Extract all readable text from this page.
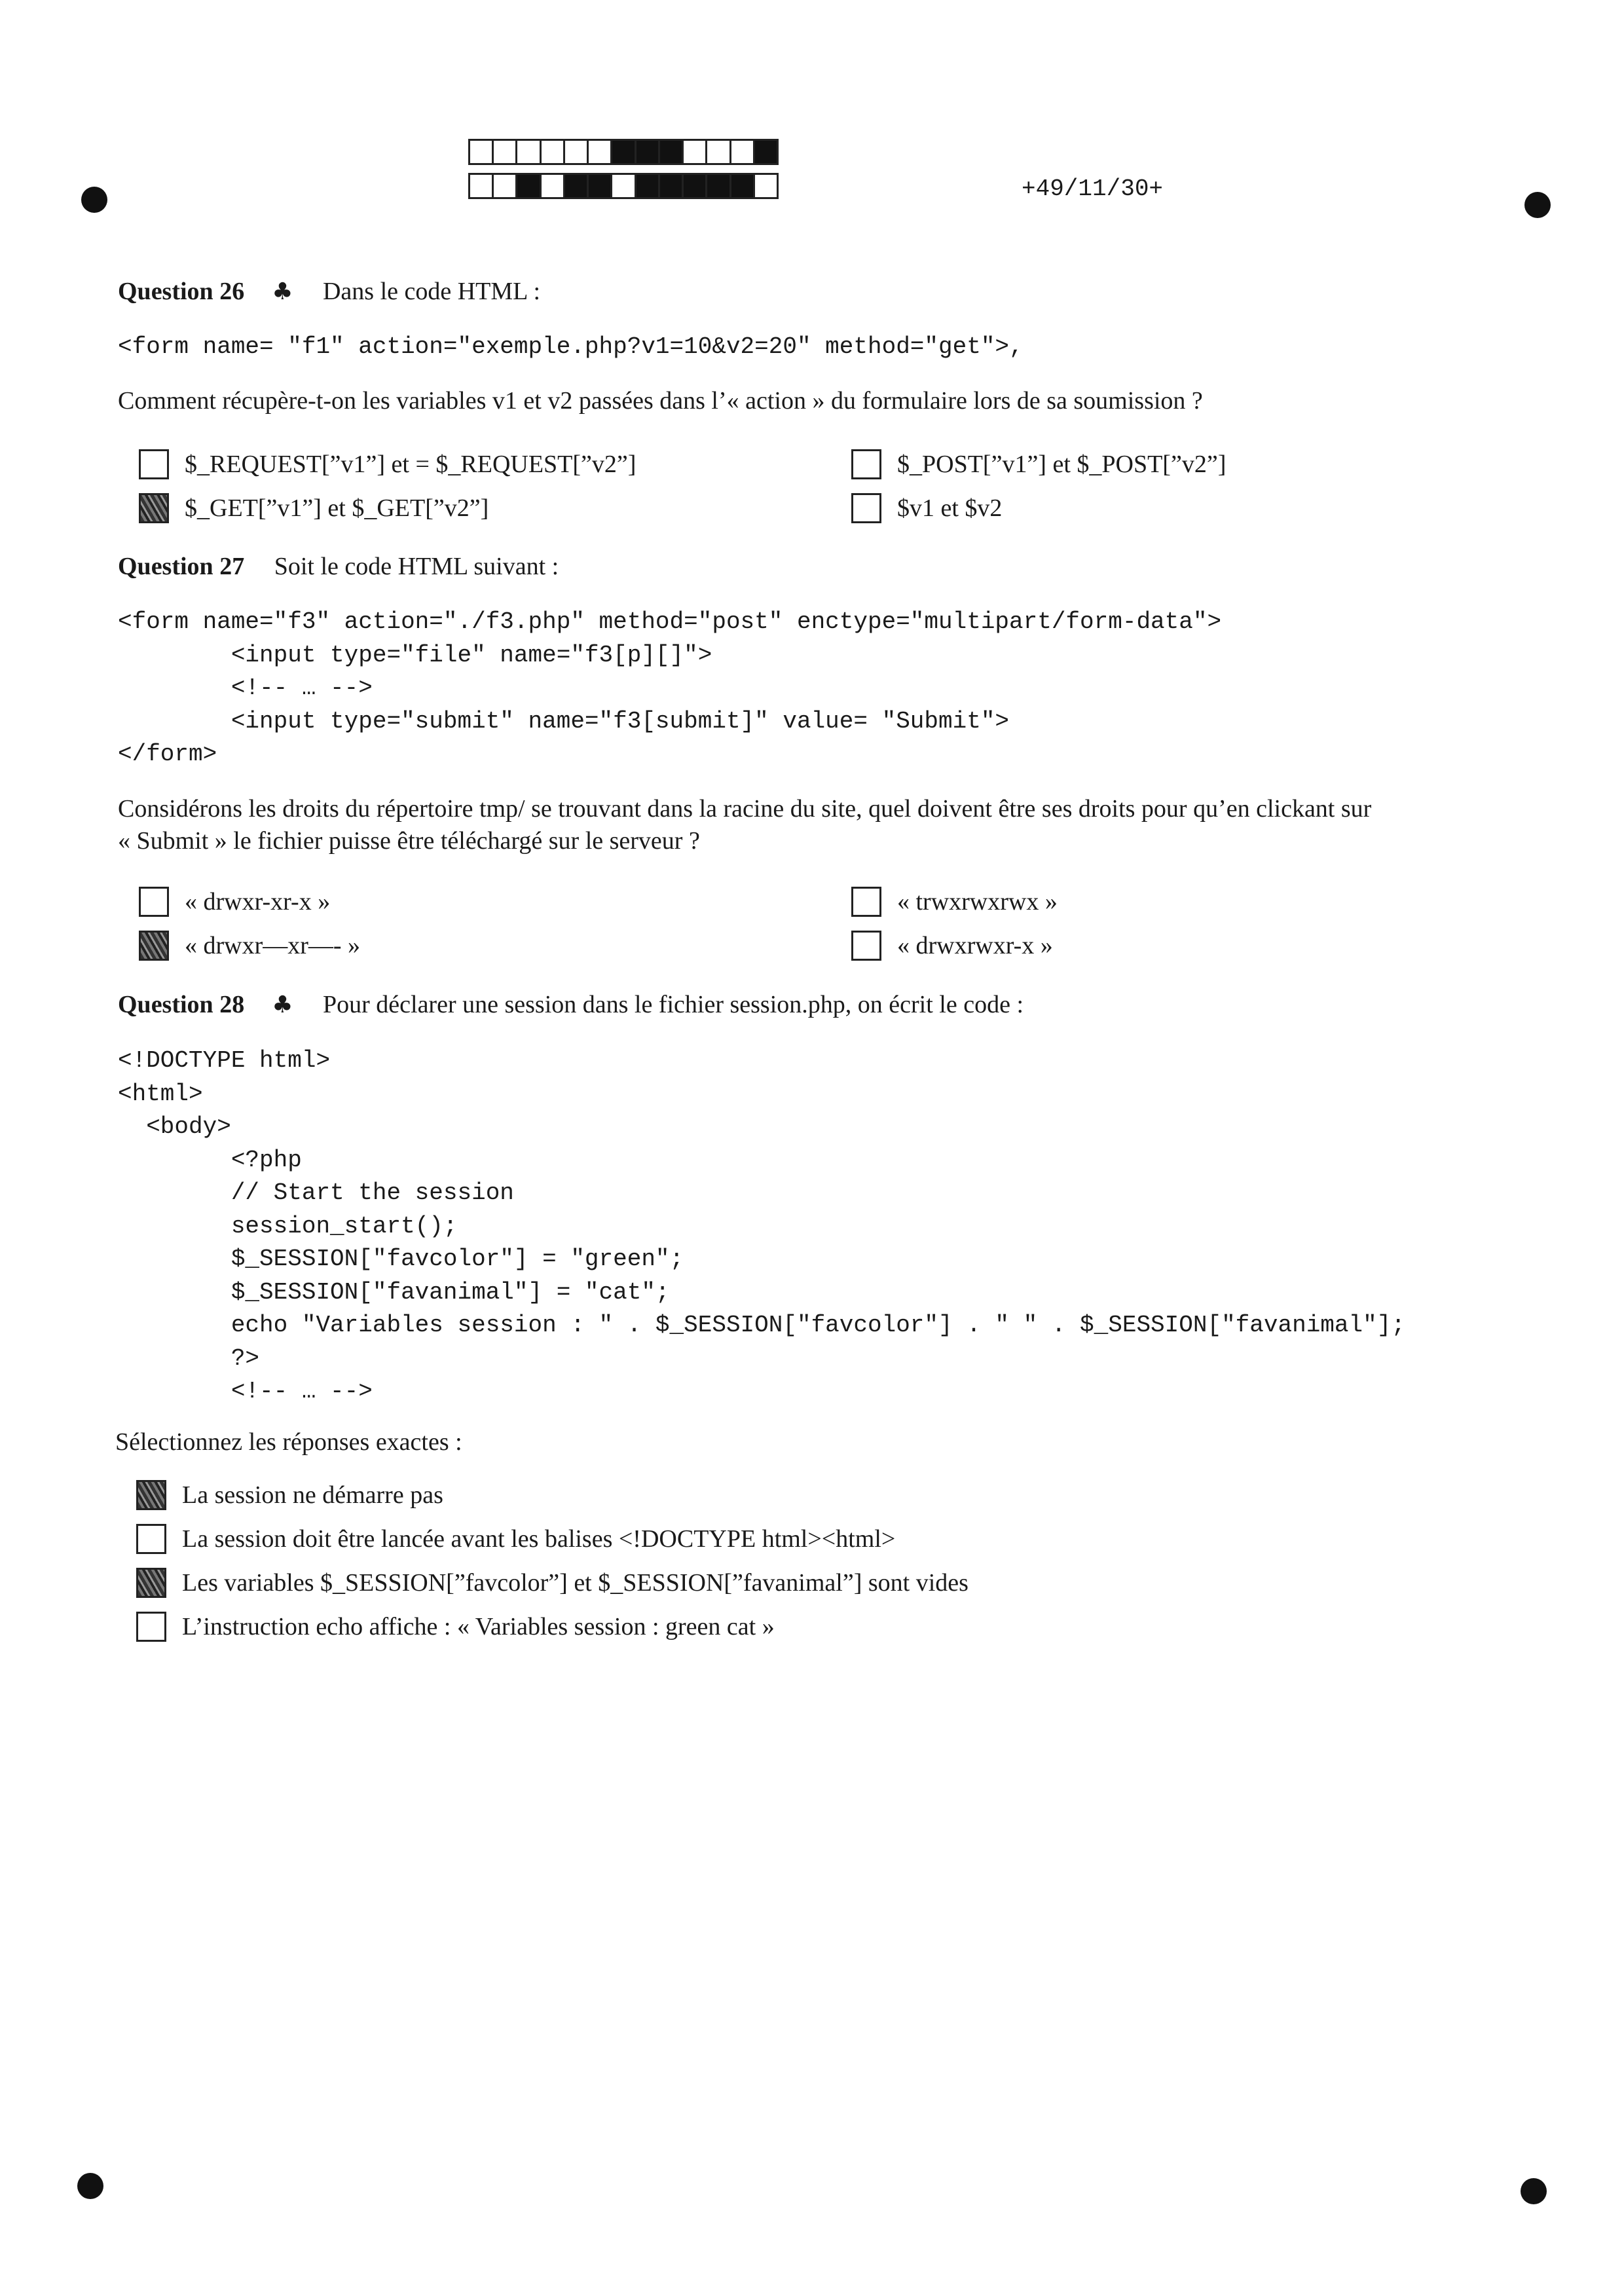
+49/11/30+
Question 26 ♣ Dans le code HTML :
<form name= "f1" action="exemple.php?v1=10&v2=20" method="get">,
Comment récupère-t-on les variables v1 et v2 passées dans l’« action » du formulaire lors de sa soumission ?
$_REQUEST[”v1”] et = $_REQUEST[”v2”]	$_POST[”v1”] et $_POST[”v2”]
$_GET[”v1”] et $_GET[”v2”]	$v1 et $v2
Question 27 Soit le code HTML suivant :
<form name="f3" action="./f3.php" method="post" enctype="multipart/form-data">
<input type="file" name="f3[p][]">
<!-- … -->
<input type="submit" name="f3[submit]" value= "Submit">
</form>
Considérons les droits du répertoire tmp/ se trouvant dans la racine du site, quel doivent être ses droits pour qu’en clickant sur
« Submit » le fichier puisse être téléchargé sur le serveur ?
« drwxr-xr-x »	« trwxrwxrwx »
« drwxr—xr—- »	« drwxrwxr-x »
Question 28 ♣ Pour déclarer une session dans le fichier session.php, on écrit le code :
<!DOCTYPE html>
<html>
<body>
<?php
// Start the session
session_start();
$_SESSION["favcolor"] = "green";
$_SESSION["favanimal"] = "cat";
echo "Variables session : " . $_SESSION["favcolor"] . " " . $_SESSION["favanimal"];
?>
<!-- … -->
Sélectionnez les réponses exactes :
La session ne démarre pas
La session doit être lancée avant les balises <!DOCTYPE html><html>
Les variables $_SESSION[”favcolor”] et $_SESSION[”favanimal”] sont vides
L’instruction echo affiche : « Variables session : green cat »
